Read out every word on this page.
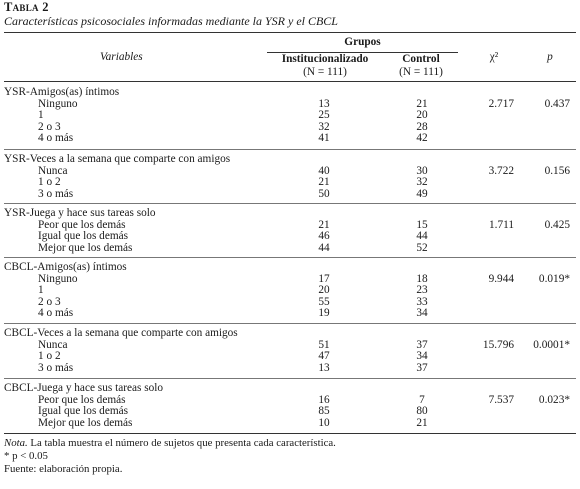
Tabla 2
Características psicosociales informadas mediante la YSR y el CBCL
Variables
Grupos
Institucionalizado
(N = 111)
Control
(N = 111)
χ²	p
YSR-Amigos(as) íntimos
Ninguno	13	21	2.717	0.437
1	25	20
2 o 3	32	28
4 o más	41	42
YSR-Veces a la semana que comparte con amigos
Nunca	40	30	3.722	0.156
1 o 2	21	32
3 o más	50	49
YSR-Juega y hace sus tareas solo
Peor que los demás	21	15	1.711	0.425
Igual que los demás	46	44
Mejor que los demás	44	52
CBCL-Amigos(as) íntimos
Ninguno	17	18	9.944	0.019*
1	20	23
2 o 3	55	33
4 o más	19	34
CBCL-Veces a la semana que comparte con amigos
Nunca	51	37	15.796	0.0001*
1 o 2	47	34
3 o más	13	37
CBCL-Juega y hace sus tareas solo
Peor que los demás	16	7	7.537	0.023*
Igual que los demás	85	80
Mejor que los demás	10	21
Nota. La tabla muestra el número de sujetos que presenta cada característica.
* p < 0.05
Fuente: elaboración propia.
